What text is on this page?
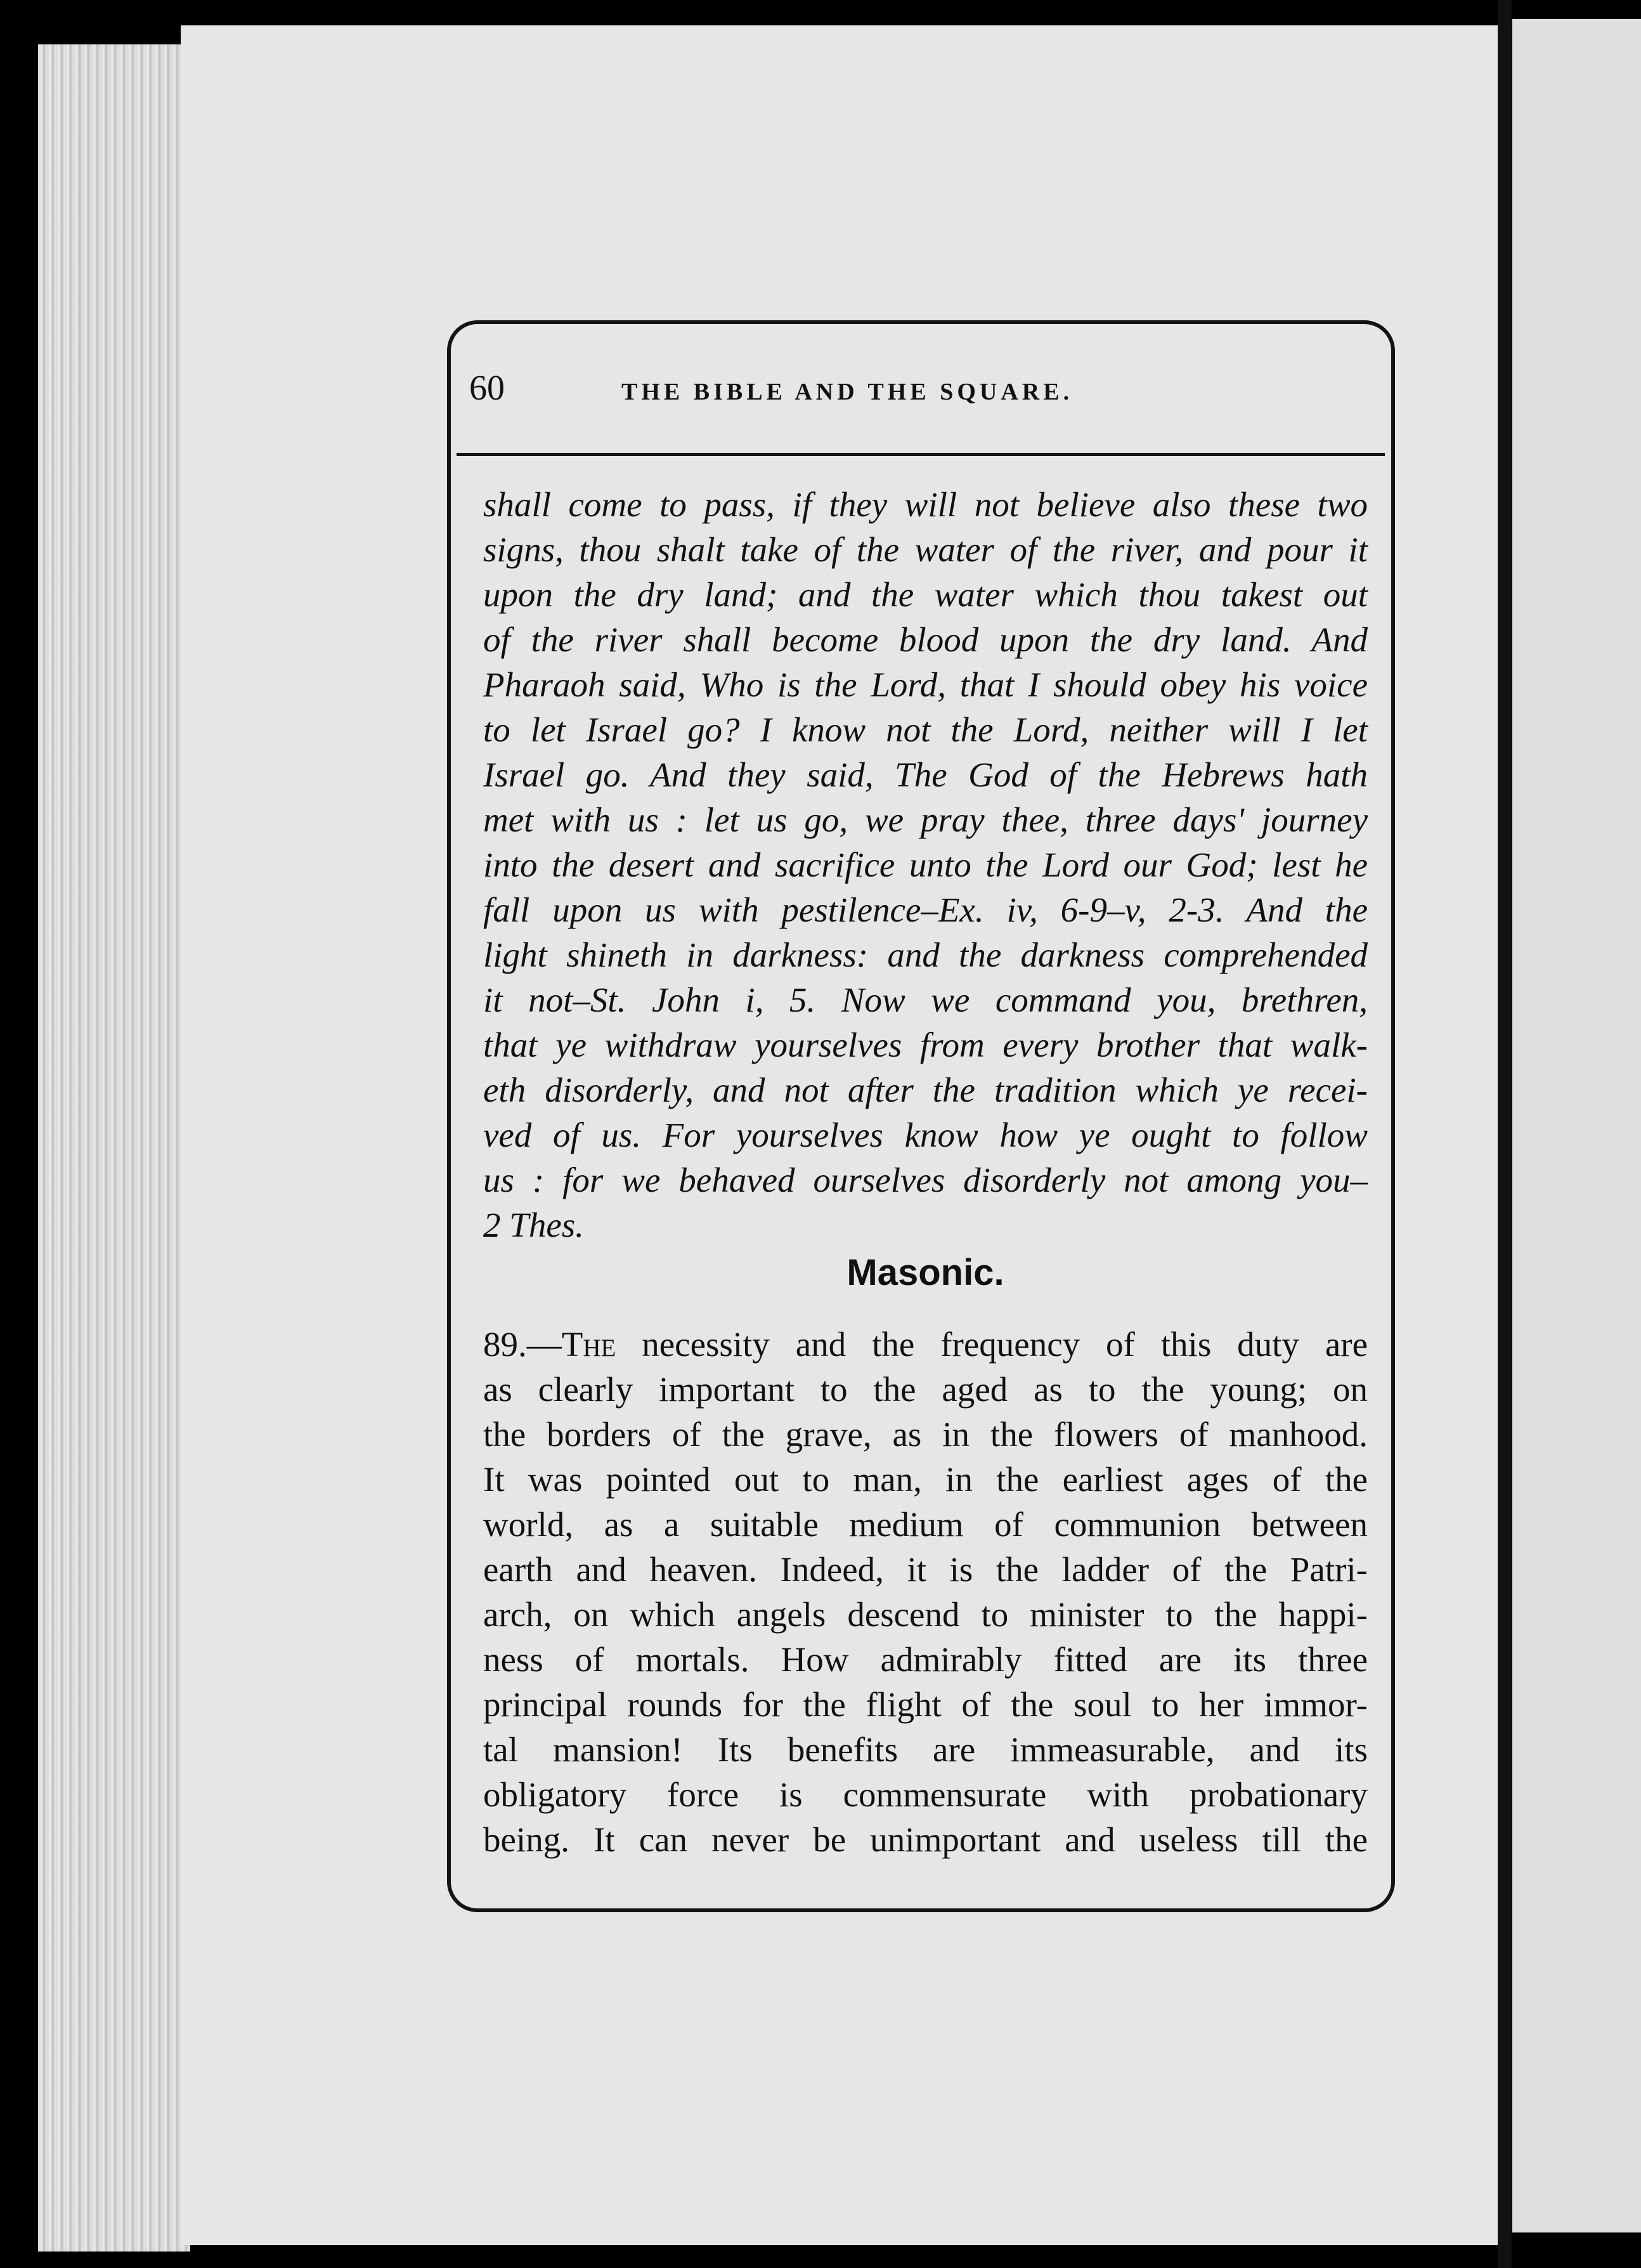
60	THE BIBLE AND THE SQUARE.
shall come to pass, if they will not believe also these two
signs, thou shalt take of the water of the river, and pour it
upon the dry land; and the water which thou takest out
of the river shall become blood upon the dry land. And
Pharaoh said, Who is the Lord, that I should obey his voice
to let Israel go? I know not the Lord, neither will I let
Israel go. And they said, The God of the Hebrews hath
met with us : let us go, we pray thee, three days' journey
into the desert and sacrifice unto the Lord our God; lest he
fall upon us with pestilence–Ex. iv, 6-9–v, 2-3. And the
light shineth in darkness: and the darkness comprehended
it not–St. John i, 5. Now we command you, brethren,
that ye withdraw yourselves from every brother that walk-
eth disorderly, and not after the tradition which ye recei-
ved of us. For yourselves know how ye ought to follow
us : for we behaved ourselves disorderly not among you–
2 Thes.
Masonic.
89.—The necessity and the frequency of this duty are
as clearly important to the aged as to the young; on
the borders of the grave, as in the flowers of manhood.
It was pointed out to man, in the earliest ages of the
world, as a suitable medium of communion between
earth and heaven. Indeed, it is the ladder of the Patri-
arch, on which angels descend to minister to the happi-
ness of mortals. How admirably fitted are its three
principal rounds for the flight of the soul to her immor-
tal mansion! Its benefits are immeasurable, and its
obligatory force is commensurate with probationary
being. It can never be unimportant and useless till the
